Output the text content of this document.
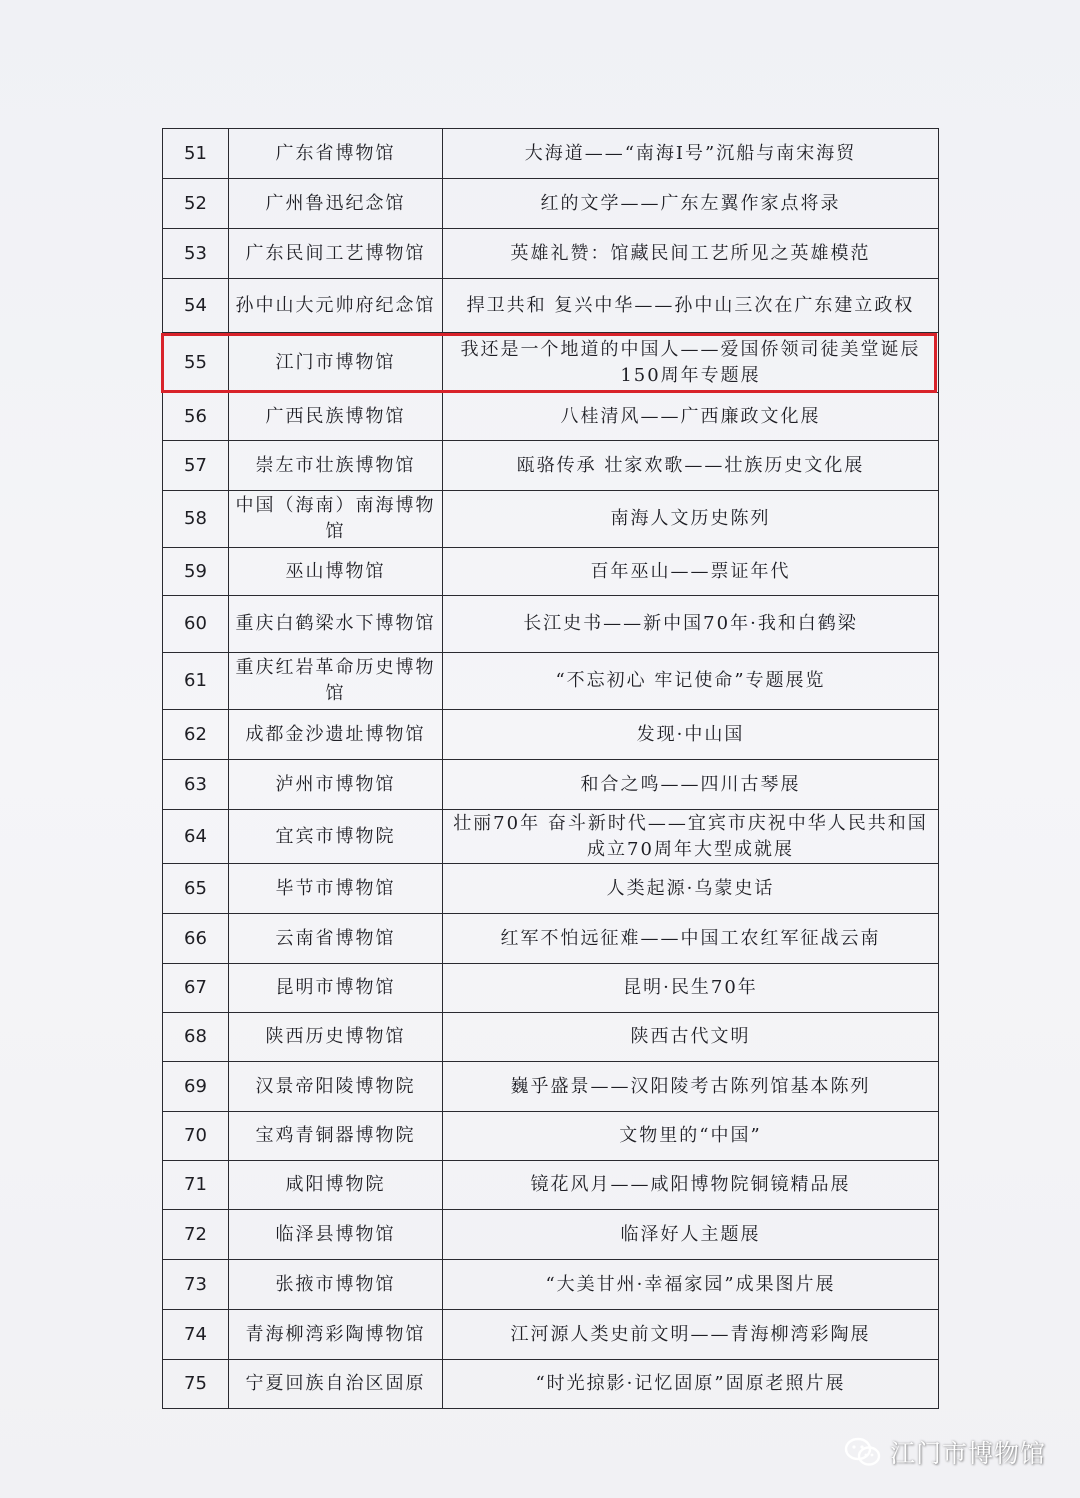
51	广东省博物馆	大海道——“南海Ⅰ号”沉船与南宋海贸
52	广州鲁迅纪念馆	红的文学——广东左翼作家点将录
53	广东民间工艺博物馆	英雄礼赞：馆藏民间工艺所见之英雄模范
54	孙中山大元帅府纪念馆	捍卫共和 复兴中华——孙中山三次在广东建立政权
55	江门市博物馆	我还是一个地道的中国人——爱国侨领司徒美堂诞辰150周年专题展
56	广西民族博物馆	八桂清风——广西廉政文化展
57	崇左市壮族博物馆	瓯骆传承 壮家欢歌——壮族历史文化展
58	中国（海南）南海博物馆	南海人文历史陈列
59	巫山博物馆	百年巫山——票证年代
60	重庆白鹤梁水下博物馆	长江史书——新中国70年·我和白鹤梁
61	重庆红岩革命历史博物馆	“不忘初心 牢记使命”专题展览
62	成都金沙遗址博物馆	发现·中山国
63	泸州市博物馆	和合之鸣——四川古琴展
64	宜宾市博物院	壮丽70年 奋斗新时代——宜宾市庆祝中华人民共和国成立70周年大型成就展
65	毕节市博物馆	人类起源·乌蒙史话
66	云南省博物馆	红军不怕远征难——中国工农红军征战云南
67	昆明市博物馆	昆明·民生70年
68	陕西历史博物馆	陕西古代文明
69	汉景帝阳陵博物院	巍乎盛景——汉阳陵考古陈列馆基本陈列
70	宝鸡青铜器博物院	文物里的“中国”
71	咸阳博物院	镜花风月——咸阳博物院铜镜精品展
72	临泽县博物馆	临泽好人主题展
73	张掖市博物馆	“大美甘州·幸福家园”成果图片展
74	青海柳湾彩陶博物馆	江河源人类史前文明——青海柳湾彩陶展
75	宁夏回族自治区固原	“时光掠影·记忆固原”固原老照片展
江门市博物馆
